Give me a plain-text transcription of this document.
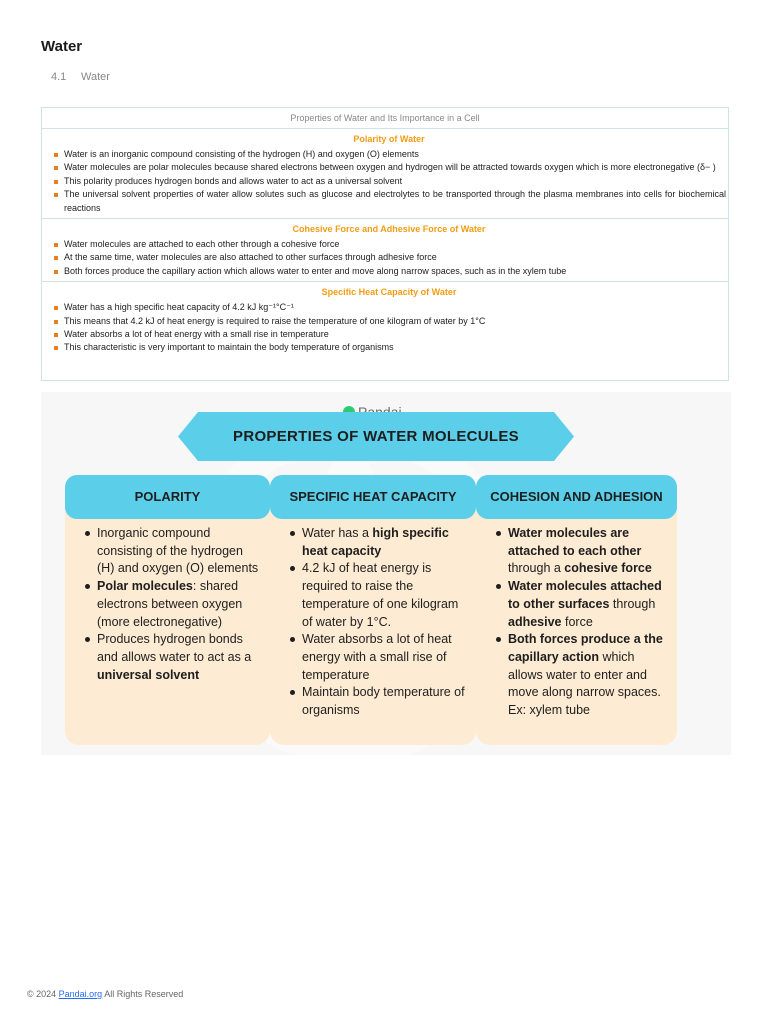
Water
4.1 Water
Properties of Water and Its Importance in a Cell
Polarity of Water
Water is an inorganic compound consisting of the hydrogen (H) and oxygen (O) elements
Water molecules are polar molecules because shared electrons between oxygen and hydrogen will be attracted towards oxygen which is more electronegative (δ− )
This polarity produces hydrogen bonds and allows water to act as a universal solvent
The universal solvent properties of water allow solutes such as glucose and electrolytes to be transported through the plasma membranes into cells for biochemical reactions
Cohesive Force and Adhesive Force of Water
Water molecules are attached to each other through a cohesive force
At the same time, water molecules are also attached to other surfaces through adhesive force
Both forces produce the capillary action which allows water to enter and move along narrow spaces, such as in the xylem tube
Specific Heat Capacity of Water
Water has a high specific heat capacity of 4.2 kJ kg⁻¹°C⁻¹
This means that 4.2 kJ of heat energy is required to raise the temperature of one kilogram of water by 1°C
Water absorbs a lot of heat energy with a small rise in temperature
This characteristic is very important to maintain the body temperature of organisms
PROPERTIES OF WATER MOLECULES
POLARITY
Inorganic compound consisting of the hydrogen (H) and oxygen (O) elements
Polar molecules: shared electrons between oxygen (more electronegative)
Produces hydrogen bonds and allows water to act as a universal solvent
SPECIFIC HEAT CAPACITY
Water has a high specific heat capacity
4.2 kJ of heat energy is required to raise the temperature of one kilogram of water by 1°C.
Water absorbs a lot of heat energy with a small rise of temperature
Maintain body temperature of organisms
COHESION AND ADHESION
Water molecules are attached to each other through a cohesive force
Water molecules attached to other surfaces through adhesive force
Both forces produce a the capillary action which allows water to enter and move along narrow spaces. Ex: xylem tube
© 2024 Pandai.org All Rights Reserved
